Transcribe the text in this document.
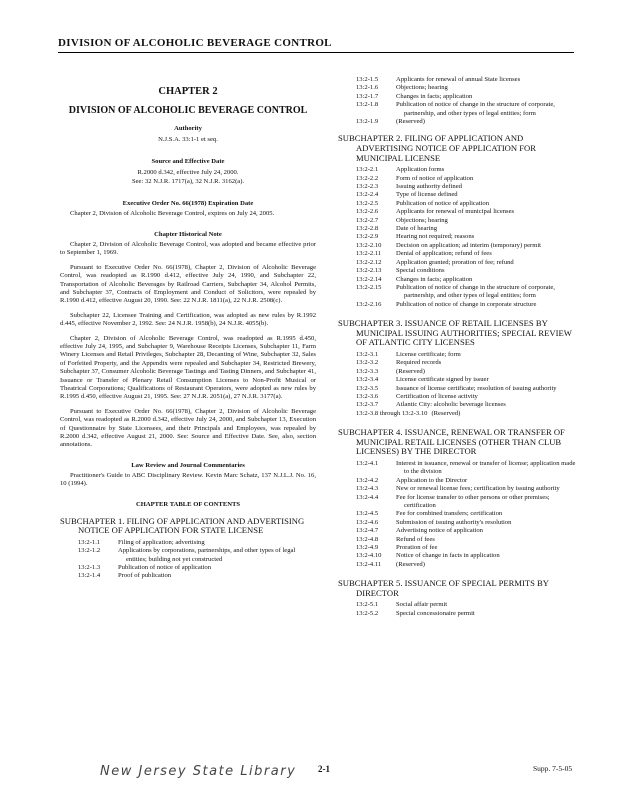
DIVISION OF ALCOHOLIC BEVERAGE CONTROL
CHAPTER 2
DIVISION OF ALCOHOLIC BEVERAGE CONTROL
Authority
N.J.S.A. 33:1-1 et seq.
Source and Effective Date
R.2000 d.342, effective July 24, 2000.
See: 32 N.J.R. 1717(a), 32 N.J.R. 3162(a).
Executive Order No. 66(1978) Expiration Date
Chapter 2, Division of Alcoholic Beverage Control, expires on July 24, 2005.
Chapter Historical Note
Chapter 2, Division of Alcoholic Beverage Control, was adopted and became effective prior to September 1, 1969.
Pursuant to Executive Order No. 66(1978), Chapter 2, Division of Alcoholic Beverage Control, was readopted as R.1990 d.412, effective July 24, 1990, and Subchapter 22, Transportation of Alcoholic Beverages by Railroad Carriers, Subchapter 34, Alcohol Permits, and Subchapter 37, Contracts of Employment and Conduct of Solicitors, were repealed by R.1990 d.412, effective August 20, 1990. See: 22 N.J.R. 1811(a), 22 N.J.R. 2508(c).
Subchapter 22, Licensee Training and Certification, was adopted as new rules by R.1992 d.445, effective November 2, 1992. See: 24 N.J.R. 1958(b), 24 N.J.R. 4055(b).
Chapter 2, Division of Alcoholic Beverage Control, was readopted as R.1995 d.450, effective July 24, 1995, and Subchapter 9, Warehouse Receipts Licenses, Subchapter 11, Farm Winery Licenses and Retail Privileges, Subchapter 28, Decanting of Wine, Subchapter 32, Sales of Forfeited Property, and the Appendix were repealed and Subchapter 34, Restricted Brewery, Subchapter 37, Consumer Alcoholic Beverage Tastings and Tasting Dinners, and Subchapter 41, Issuance or Transfer of Plenary Retail Consumption Licenses to Non-Profit Musical or Theatrical Corporations; Qualifications of Restaurant Operators, were adopted as new rules by R.1995 d.450, effective August 21, 1995. See: 27 N.J.R. 2051(a), 27 N.J.R. 3177(a).
Pursuant to Executive Order No. 66(1978), Chapter 2, Division of Alcoholic Beverage Control, was readopted as R.2000 d.342, effective July 24, 2000, and Subchapter 13, Execution of Questionnaire by State Licensees, and their Principals and Employees, was repealed by R.2000 d.342, effective August 21, 2000. See: Source and Effective Date. See, also, section annotations.
Law Review and Journal Commentaries
Practitioner's Guide to ABC Disciplinary Review. Kevin Marc Schatz, 137 N.J.L.J. No. 16, 10 (1994).
CHAPTER TABLE OF CONTENTS
SUBCHAPTER 1. FILING OF APPLICATION AND ADVERTISING NOTICE OF APPLICATION FOR STATE LICENSE
13:2-1.1	Filing of application; advertising
13:2-1.2	Applications by corporations, partnerships, and other types of legal entities; building not yet constructed
13:2-1.3	Publication of notice of application
13:2-1.4	Proof of publication
13:2-1.5	Applicants for renewal of annual State licenses
13:2-1.6	Objections; hearing
13:2-1.7	Changes in facts; application
13:2-1.8	Publication of notice of change in the structure of corporate, partnership, and other types of legal entities; form
13:2-1.9	(Reserved)
SUBCHAPTER 2. FILING OF APPLICATION AND ADVERTISING NOTICE OF APPLICATION FOR MUNICIPAL LICENSE
13:2-2.1	Application forms
13:2-2.2	Form of notice of application
13:2-2.3	Issuing authority defined
13:2-2.4	Type of license defined
13:2-2.5	Publication of notice of application
13:2-2.6	Applicants for renewal of municipal licenses
13:2-2.7	Objections; hearing
13:2-2.8	Date of hearing
13:2-2.9	Hearing not required; reasons
13:2-2.10	Decision on application; ad interim (temporary) permit
13:2-2.11	Denial of application; refund of fees
13:2-2.12	Application granted; proration of fee; refund
13:2-2.13	Special conditions
13:2-2.14	Changes in facts; application
13:2-2.15	Publication of notice of change in the structure of corporate, partnership, and other types of legal entities; form
13:2-2.16	Publication of notice of change in corporate structure
SUBCHAPTER 3. ISSUANCE OF RETAIL LICENSES BY MUNICIPAL ISSUING AUTHORITIES; SPECIAL REVIEW OF ATLANTIC CITY LICENSES
13:2-3.1	License certificate; form
13:2-3.2	Required records
13:2-3.3	(Reserved)
13:2-3.4	License certificate signed by issuer
13:2-3.5	Issuance of license certificate; resolution of issuing authority
13:2-3.6	Certification of license activity
13:2-3.7	Atlantic City: alcoholic beverage licenses
13:2-3.8 through 13:2-3.10 (Reserved)
SUBCHAPTER 4. ISSUANCE, RENEWAL OR TRANSFER OF MUNICIPAL RETAIL LICENSES (OTHER THAN CLUB LICENSES) BY THE DIRECTOR
13:2-4.1	Interest in issuance, renewal or transfer of license; application made to the division
13:2-4.2	Application to the Director
13:2-4.3	New or renewal license fees; certification by issuing authority
13:2-4.4	Fee for license transfer to other persons or other premises; certification
13:2-4.5	Fee for combined transfers; certification
13:2-4.6	Submission of issuing authority's resolution
13:2-4.7	Advertising notice of application
13:2-4.8	Refund of fees
13:2-4.9	Proration of fee
13:2-4.10	Notice of change in facts in application
13:2-4.11	(Reserved)
SUBCHAPTER 5. ISSUANCE OF SPECIAL PERMITS BY DIRECTOR
13:2-5.1	Social affair permit
13:2-5.2	Special concessionaire permit
New Jersey State Library 2-1	Supp. 7-5-05
